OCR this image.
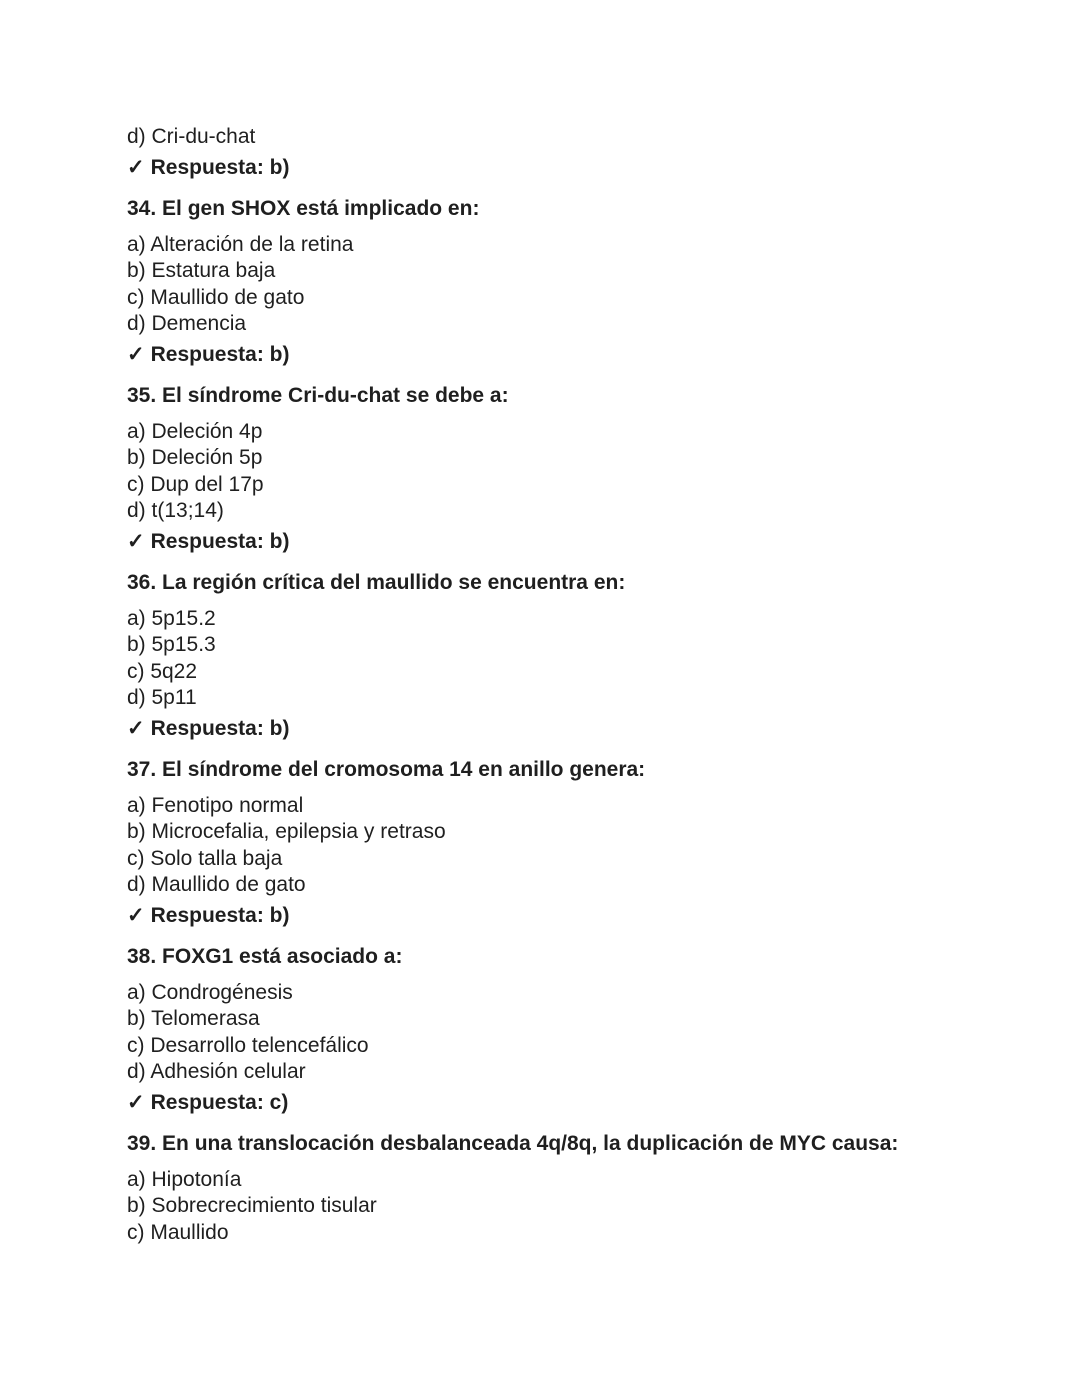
d) Cri-du-chat
✓ Respuesta: b)
34. El gen SHOX está implicado en:
a) Alteración de la retina
b) Estatura baja
c) Maullido de gato
d) Demencia
✓ Respuesta: b)
35. El síndrome Cri-du-chat se debe a:
a) Deleción 4p
b) Deleción 5p
c) Dup del 17p
d) t(13;14)
✓ Respuesta: b)
36. La región crítica del maullido se encuentra en:
a) 5p15.2
b) 5p15.3
c) 5q22
d) 5p11
✓ Respuesta: b)
37. El síndrome del cromosoma 14 en anillo genera:
a) Fenotipo normal
b) Microcefalia, epilepsia y retraso
c) Solo talla baja
d) Maullido de gato
✓ Respuesta: b)
38. FOXG1 está asociado a:
a) Condrogénesis
b) Telomerasa
c) Desarrollo telencefálico
d) Adhesión celular
✓ Respuesta: c)
39. En una translocación desbalanceada 4q/8q, la duplicación de MYC causa:
a) Hipotonía
b) Sobrecrecimiento tisular
c) Maullido
